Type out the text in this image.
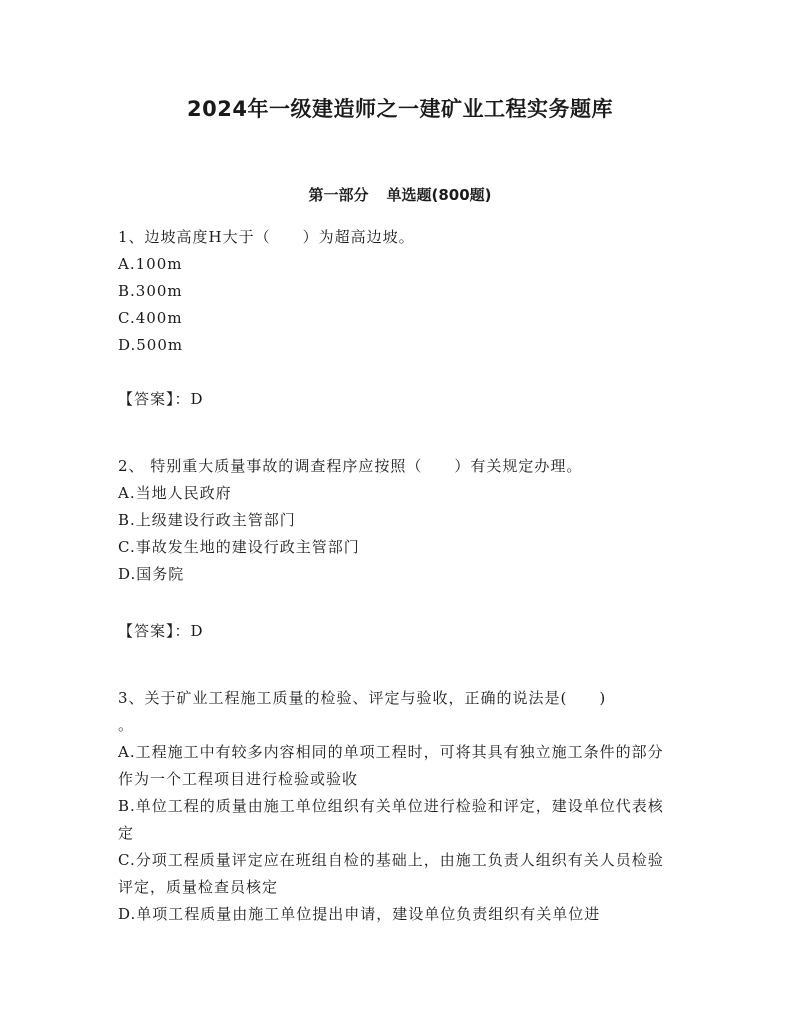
2024年一级建造师之一建矿业工程实务题库
第一部分 单选题(800题)
1、边坡高度H大于（　　）为超高边坡。
A.100m
B.300m
C.400m
D.500m
【答案】：D
2、 特别重大质量事故的调查程序应按照（　　）有关规定办理。
A.当地人民政府
B.上级建设行政主管部门
C.事故发生地的建设行政主管部门
D.国务院
【答案】：D
3、关于矿业工程施工质量的检验、评定与验收，正确的说法是(　　)
。
A.工程施工中有较多内容相同的单项工程时，可将其具有独立施工条件的部分作为一个工程项目进行检验或验收
B.单位工程的质量由施工单位组织有关单位进行检验和评定，建设单位代表核定
C.分项工程质量评定应在班组自检的基础上，由施工负责人组织有关人员检验评定，质量检查员核定
D.单项工程质量由施工单位提出申请，建设单位负责组织有关单位进
